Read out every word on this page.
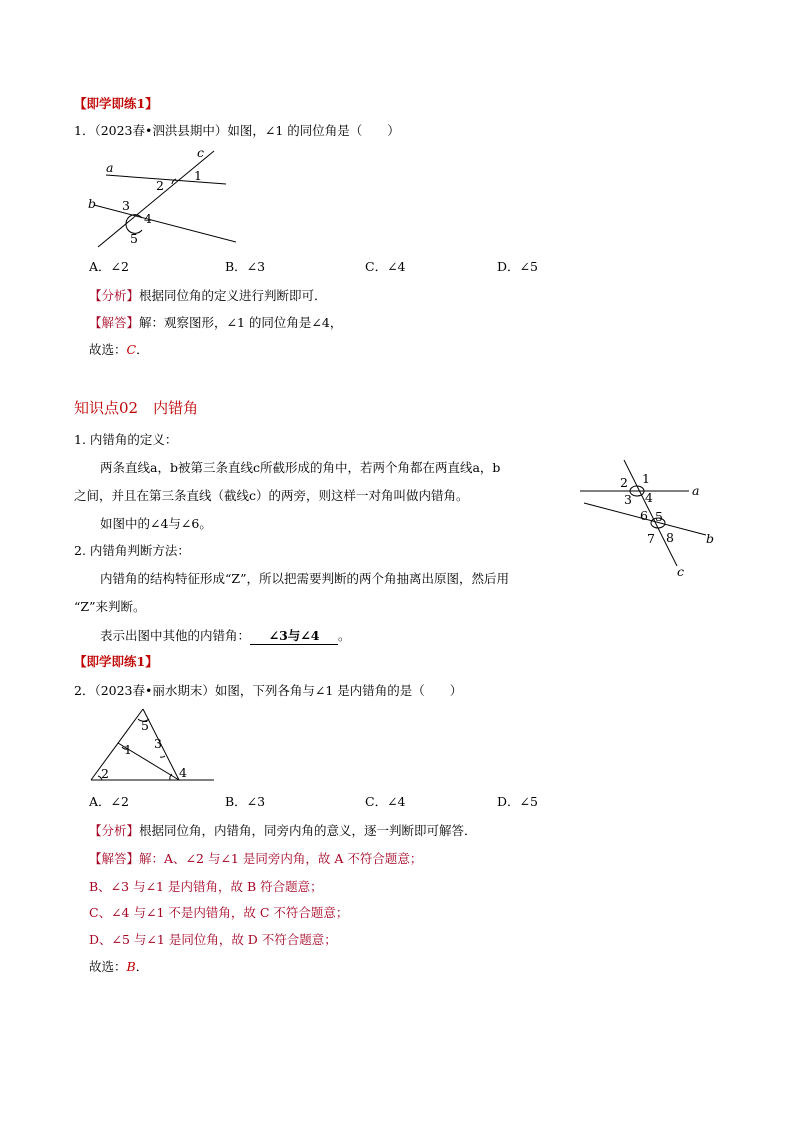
【即学即练1】
1．（2023春•泗洪县期中）如图，∠1 的同位角是（　　）
a
b
c
1
2
3
4
5
A．∠2	B．∠3	C．∠4	D．∠5
【分析】根据同位角的定义进行判断即可．
【解答】解：观察图形，∠1 的同位角是∠4，
故选：C．
知识点02　内错角
1. 内错角的定义：
两条直线a，b被第三条直线c所截形成的角中，若两个角都在两直线a，b
之间，并且在第三条直线（截线c）的两旁，则这样一对角叫做内错角。
如图中的∠4与∠6。
2. 内错角判断方法：
内错角的结构特征形成“Z”，所以把需要判断的两个角抽离出原图，然后用
“Z”来判断。
表示出图中其他的内错角： ∠3与∠4 。
a
b
c
1
2
3 4
5
6
7 8
【即学即练1】
2．（2023春•丽水期末）如图，下列各角与∠1 是内错角的是（　　）
5
3
1
2	4
A．∠2	B．∠3	C．∠4	D．∠5
【分析】根据同位角，内错角，同旁内角的意义，逐一判断即可解答．
【解答】解：A、∠2 与∠1 是同旁内角，故 A 不符合题意；
B、∠3 与∠1 是内错角，故 B 符合题意；
C、∠4 与∠1 不是内错角，故 C 不符合题意；
D、∠5 与∠1 是同位角，故 D 不符合题意；
故选：B．
